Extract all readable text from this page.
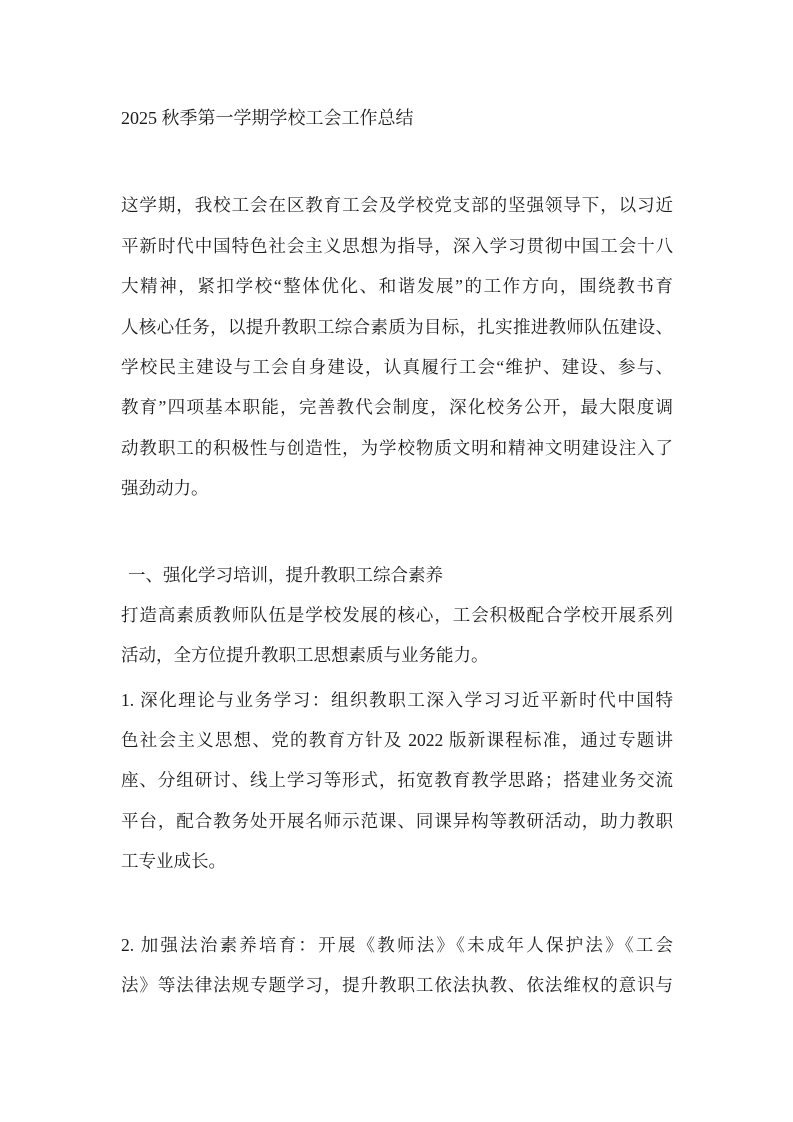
2025 秋季第一学期学校工会工作总结
这学期，我校工会在区教育工会及学校党支部的坚强领导下，以习近
平新时代中国特色社会主义思想为指导，深入学习贯彻中国工会十八
大精神，紧扣学校“整体优化、和谐发展”的工作方向，围绕教书育
人核心任务，以提升教职工综合素质为目标，扎实推进教师队伍建设、
学校民主建设与工会自身建设，认真履行工会“维护、建设、参与、
教育”四项基本职能，完善教代会制度，深化校务公开，最大限度调
动教职工的积极性与创造性，为学校物质文明和精神文明建设注入了
强劲动力。
一、强化学习培训，提升教职工综合素养
打造高素质教师队伍是学校发展的核心，工会积极配合学校开展系列
活动，全方位提升教职工思想素质与业务能力。
1. 深化理论与业务学习：组织教职工深入学习习近平新时代中国特
色社会主义思想、党的教育方针及 2022 版新课程标准，通过专题讲
座、分组研讨、线上学习等形式，拓宽教育教学思路；搭建业务交流
平台，配合教务处开展名师示范课、同课异构等教研活动，助力教职
工专业成长。
2. 加强法治素养培育：开展《教师法》《未成年人保护法》《工会
法》等法律法规专题学习，提升教职工依法执教、依法维权的意识与
